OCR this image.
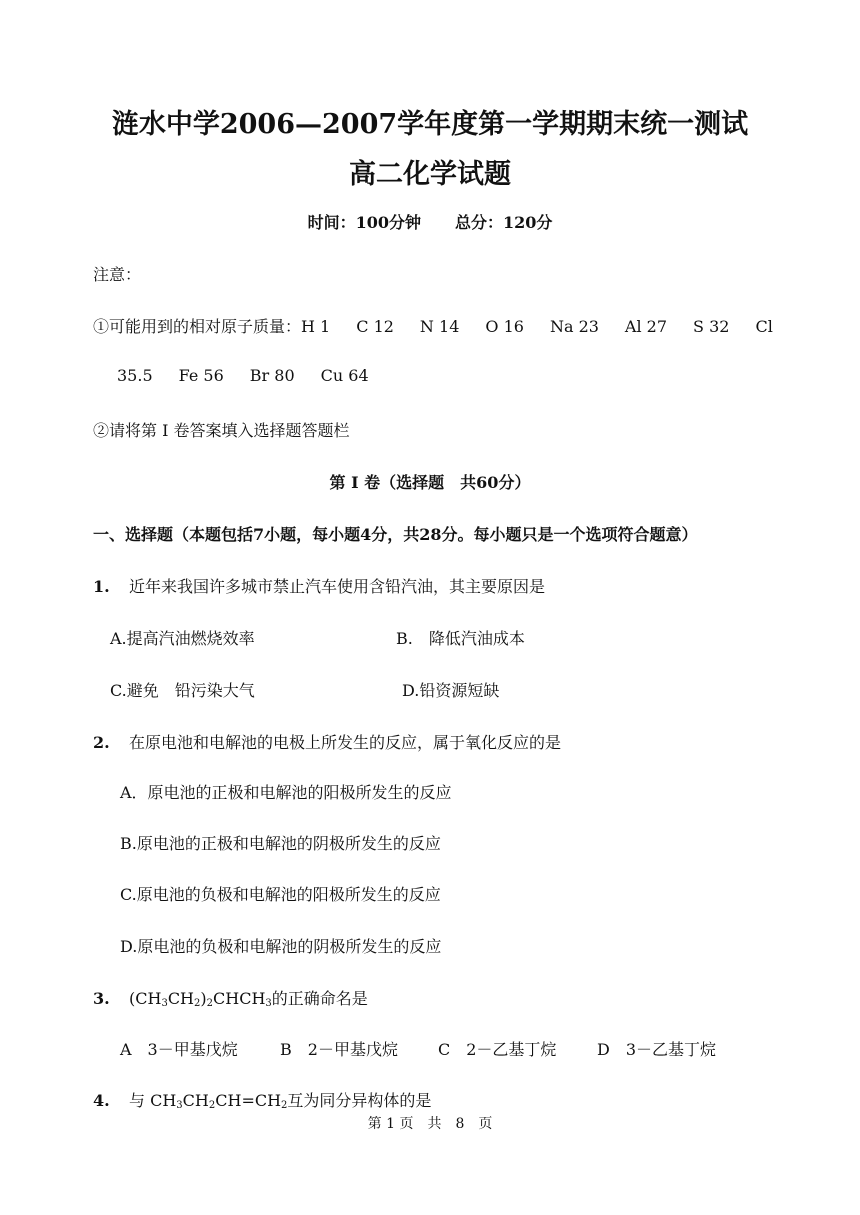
涟水中学2006—2007学年度第一学期期末统一测试
高二化学试题
时间：100分钟 总分：120分
注意：
①可能用到的相对原子质量：H 1 C 12 N 14 O 16 Na 23 Al 27 S 32 Cl
35.5 Fe 56 Br 80 Cu 64
②请将第 I 卷答案填入选择题答题栏
第 I 卷（选择题　共60分）
一、选择题（本题包括7小题，每小题4分，共28分。每小题只是一个选项符合题意）
1. 近年来我国许多城市禁止汽车使用含铅汽油，其主要原因是
A.提高汽油燃烧效率	B.　降低汽油成本
C.避免　铅污染大气	D.铅资源短缺
2. 在原电池和电解池的电极上所发生的反应，属于氧化反应的是
A．原电池的正极和电解池的阳极所发生的反应
B.原电池的正极和电解池的阴极所发生的反应
C.原电池的负极和电解池的阳极所发生的反应
D.原电池的负极和电解池的阴极所发生的反应
3. $(CH_3CH_2)_2CHCH_3$的正确命名是
A　3－甲基戊烷	B　2－甲基戊烷	C　2－乙基丁烷	D　3－乙基丁烷
4. 与 $CH_3CH_2CH=CH_2$互为同分异构体的是
第 1 页　共　8　页
